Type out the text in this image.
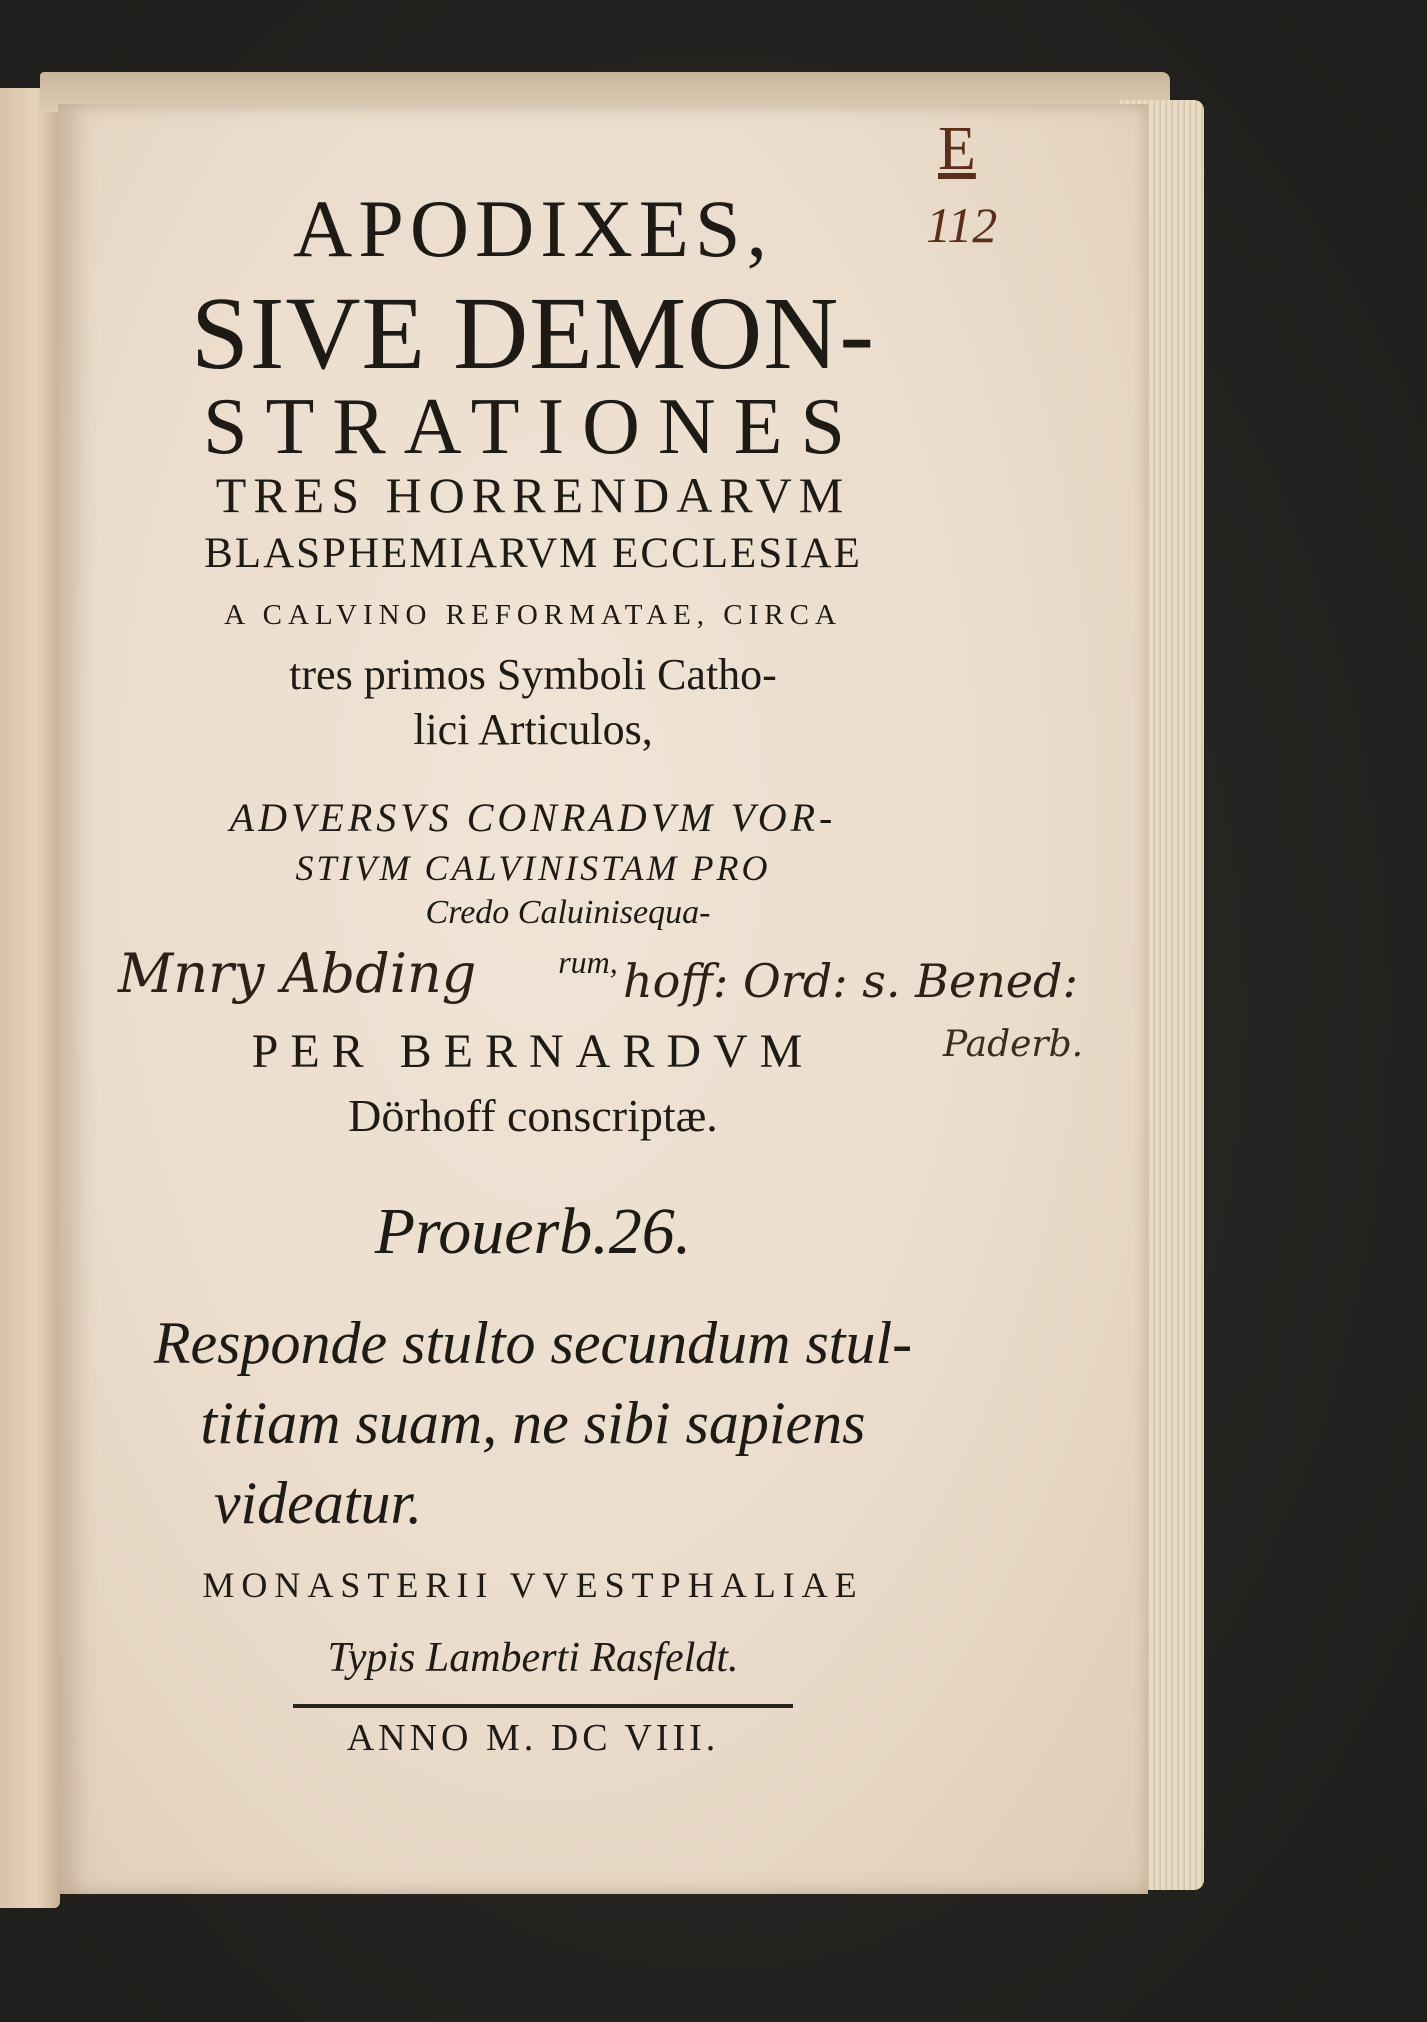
E
112

APODIXES,

SIVE DEMON-

STRATIONES

TRES HORRENDARVM

BLASPHEMIARVM ECCLESIAE

A CALVINO REFORMATAE, CIRCA

tres primos Symboli Catho-

lici Articulos,

ADVERSVS CONRADVM VOR-

STIVM CALVINISTAM PRO

Credo Caluinisequa-

Mnry Abding	rum, hoff: Ord: s. Bened:
Paderb.

PER BERNARDVM

Dörhoff conscriptæ.

Prouerb.26.

Responde stulto secundum stul-

titiam suam, ne sibi sapiens

videatur.

MONASTERII VVESTPHALIAE

Typis Lamberti Rasfeldt.

ANNO M. DC VIII.
